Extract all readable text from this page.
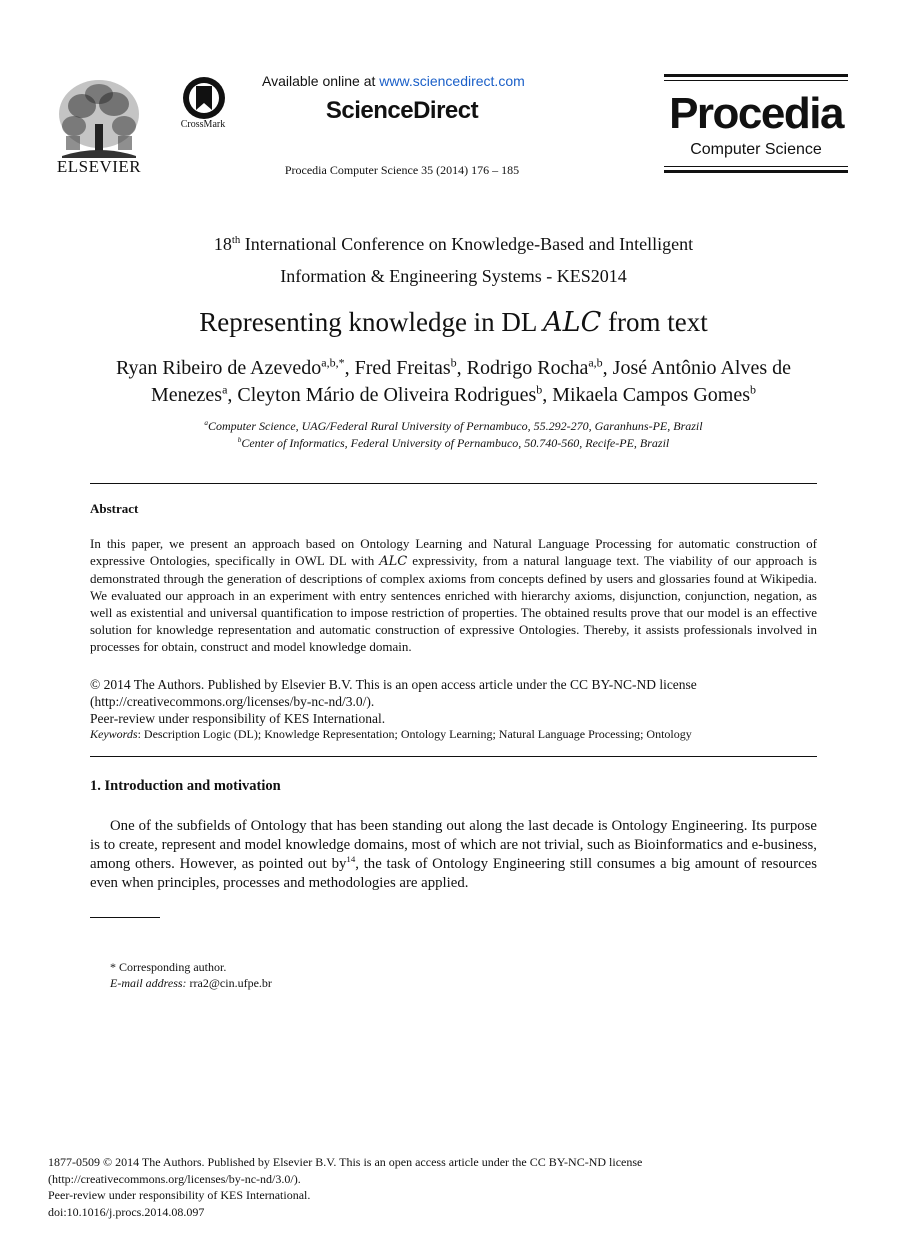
ELSEVIER
CrossMark
Available online at www.sciencedirect.com
ScienceDirect
Procedia Computer Science 35 (2014) 176 – 185
Procedia
Computer Science
18th International Conference on Knowledge-Based and Intelligent
Information & Engineering Systems - KES2014
Representing knowledge in DL ALC from text
Ryan Ribeiro de Azevedo$^{a,b,*}$, Fred Freitas$^b$, Rodrigo Rocha$^{a,b}$, José Antônio Alves de Menezes$^a$, Cleyton Mário de Oliveira Rodrigues$^b$, Mikaela Campos Gomes$^b$
$^a$Computer Science, UAG/Federal Rural University of Pernambuco, 55.292-270, Garanhuns-PE, Brazil
$^b$Center of Informatics, Federal University of Pernambuco, 50.740-560, Recife-PE, Brazil
Abstract
In this paper, we present an approach based on Ontology Learning and Natural Language Processing for automatic construction of expressive Ontologies, specifically in OWL DL with ALC expressivity, from a natural language text. The viability of our approach is demonstrated through the generation of descriptions of complex axioms from concepts defined by users and glossaries found at Wikipedia. We evaluated our approach in an experiment with entry sentences enriched with hierarchy axioms, disjunction, conjunction, negation, as well as existential and universal quantification to impose restriction of properties. The obtained results prove that our model is an effective solution for knowledge representation and automatic construction of expressive Ontologies. Thereby, it assists professionals involved in processes for obtain, construct and model knowledge domain.
© 2014 The Authors. Published by Elsevier B.V. This is an open access article under the CC BY-NC-ND license
(http://creativecommons.org/licenses/by-nc-nd/3.0/).
Peer-review under responsibility of KES International.
Keywords: Description Logic (DL); Knowledge Representation; Ontology Learning; Natural Language Processing; Ontology
1. Introduction and motivation
One of the subfields of Ontology that has been standing out along the last decade is Ontology Engineering. Its purpose is to create, represent and model knowledge domains, most of which are not trivial, such as Bioinformatics and e-business, among others. However, as pointed out $by^{14}$, the task of Ontology Engineering still consumes a big amount of resources even when principles, processes and methodologies are applied.
* Corresponding author.
E-mail address: rra2@cin.ufpe.br
1877-0509 © 2014 The Authors. Published by Elsevier B.V. This is an open access article under the CC BY-NC-ND license
(http://creativecommons.org/licenses/by-nc-nd/3.0/).
Peer-review under responsibility of KES International.
doi:10.1016/j.procs.2014.08.097
